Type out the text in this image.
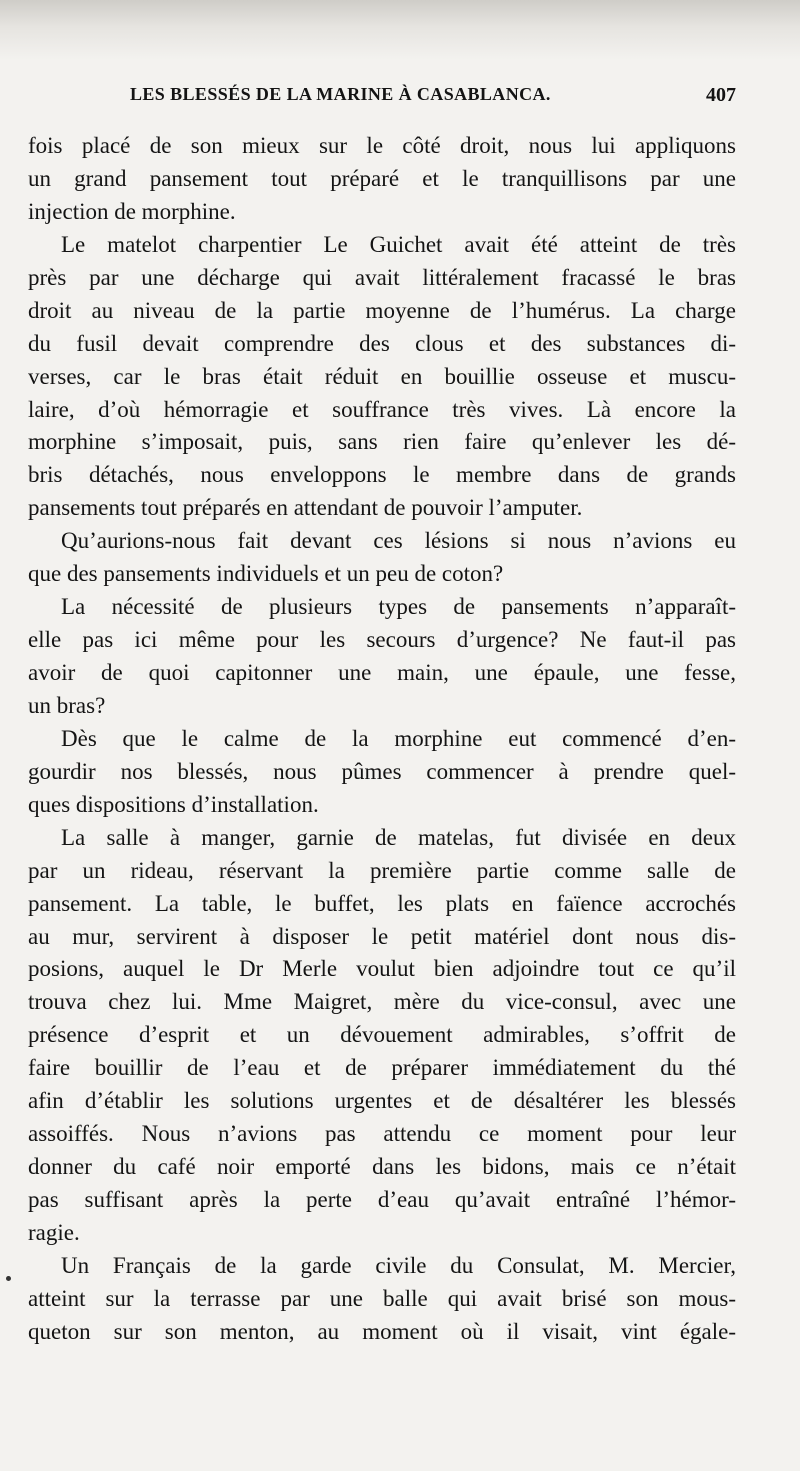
LES BLESSÉS DE LA MARINE À CASABLANCA.	407
fois placé de son mieux sur le côté droit, nous lui appliquons
un grand pansement tout préparé et le tranquillisons par une
injection de morphine.
Le matelot charpentier Le Guichet avait été atteint de très
près par une décharge qui avait littéralement fracassé le bras
droit au niveau de la partie moyenne de l’humérus. La charge
du fusil devait comprendre des clous et des substances di-
verses, car le bras était réduit en bouillie osseuse et muscu-
laire, d’où hémorragie et souffrance très vives. Là encore la
morphine s’imposait, puis, sans rien faire qu’enlever les dé-
bris détachés, nous enveloppons le membre dans de grands
pansements tout préparés en attendant de pouvoir l’amputer.
Qu’aurions-nous fait devant ces lésions si nous n’avions eu
que des pansements individuels et un peu de coton?
La nécessité de plusieurs types de pansements n’apparaît-
elle pas ici même pour les secours d’urgence? Ne faut-il pas
avoir de quoi capitonner une main, une épaule, une fesse,
un bras?
Dès que le calme de la morphine eut commencé d’en-
gourdir nos blessés, nous pûmes commencer à prendre quel-
ques dispositions d’installation.
La salle à manger, garnie de matelas, fut divisée en deux
par un rideau, réservant la première partie comme salle de
pansement. La table, le buffet, les plats en faïence accrochés
au mur, servirent à disposer le petit matériel dont nous dis-
posions, auquel le Dr Merle voulut bien adjoindre tout ce qu’il
trouva chez lui. Mme Maigret, mère du vice-consul, avec une
présence d’esprit et un dévouement admirables, s’offrit de
faire bouillir de l’eau et de préparer immédiatement du thé
afin d’établir les solutions urgentes et de désaltérer les blessés
assoiffés. Nous n’avions pas attendu ce moment pour leur
donner du café noir emporté dans les bidons, mais ce n’était
pas suffisant après la perte d’eau qu’avait entraîné l’hémor-
ragie.
Un Français de la garde civile du Consulat, M. Mercier,
atteint sur la terrasse par une balle qui avait brisé son mous-
queton sur son menton, au moment où il visait, vint égale-
